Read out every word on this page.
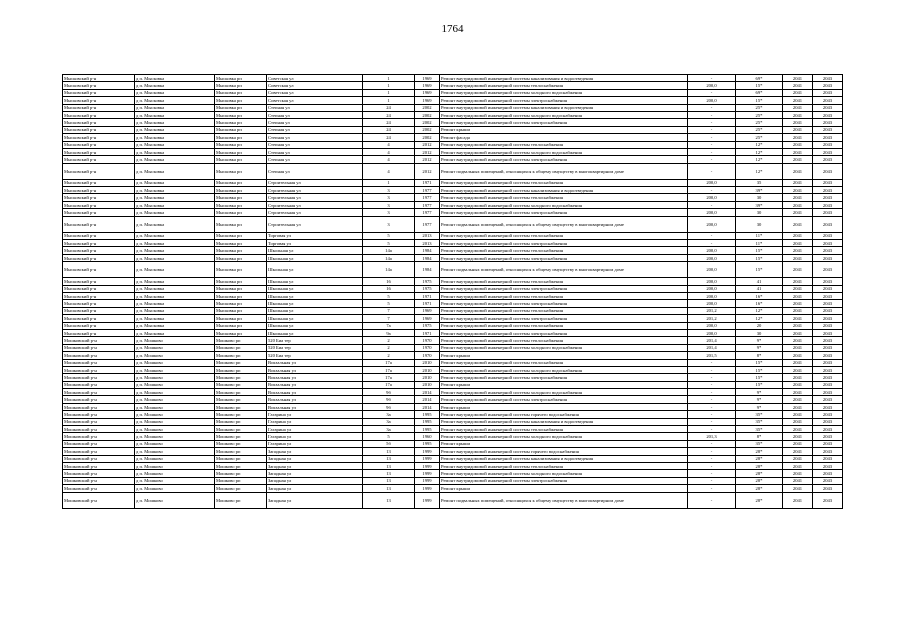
1764
Мысковский р-н	д п. Мысковка	Мысковка рп	Советская ул	1	1969	Ремонт внутридомовой инженерной системы канализования и водоотведения	-	69*	2041	2043
Мысковский р-н	д п. Мысковка	Мысковка рп	Советская ул	1	1969	Ремонт внутридомовой инженерной системы теплоснабжения	200,0	15*	2041	2043
Мысковский р-н	д п. Мысковка	Мысковка рп	Советская ул	1	1969	Ремонт внутридомовой инженерной системы холодного водоснабжения	-	69*	2041	2043
Мысковский р-н	д п. Мысковка	Мысковка рп	Советская ул	1	1969	Ремонт внутридомовой инженерной системы электроснабжения	200,0	15*	2041	2043
Мысковский р-н	д п. Мысковка	Мысковка рп	Степная ул	24	2002	Ремонт внутридомовой инженерной системы канализования и водоотведения	-	25*	2041	2043
Мысковский р-н	д п. Мысковка	Мысковка рп	Степная ул	24	2002	Ремонт внутридомовой инженерной системы холодного водоснабжения	-	25*	2041	2043
Мысковский р-н	д п. Мысковка	Мысковка рп	Степная ул	24	2002	Ремонт внутридомовой инженерной системы электроснабжения	-	25*	2041	2043
Мысковский р-н	д п. Мысковка	Мысковка рп	Степная ул	24	2002	Ремонт крыши	-	25*	2041	2043
Мысковский р-н	д п. Мысковка	Мысковка рп	Степная ул	24	2002	Ремонт фасада	-	25*	2041	2043
Мысковский р-н	д п. Мысковка	Мысковка рп	Степная ул	4	2012	Ремонт внутридомовой инженерной системы теплоснабжения	-	12*	2041	2043
Мысковский р-н	д п. Мысковка	Мысковка рп	Степная ул	4	2012	Ремонт внутридомовой инженерной системы холодного водоснабжения	-	12*	2041	2043
Мысковский р-н	д п. Мысковка	Мысковка рп	Степная ул	4	2012	Ремонт внутридомовой инженерной системы электроснабжения	-	12*	2041	2043
Мысковский р-н	д п. Мысковка	Мысковка рп	Степная ул	4	2012	Ремонт подвальных помещений, относящихся к общему имуществу в многоквартирном доме	-	12*	2041	2043
Мысковский р-н	д п. Мысковка	Мысковка рп	Строительная ул	1	1971	Ремонт внутридомовой инженерной системы теплоснабжения	200,0	35	2041	2043
Мысковский р-н	д п. Мысковка	Мысковка рп	Строительная ул	3	1977	Ремонт внутридомовой инженерной системы канализования и водоотведения	-	39*	2041	2043
Мысковский р-н	д п. Мысковка	Мысковка рп	Строительная ул	3	1977	Ремонт внутридомовой инженерной системы теплоснабжения	200,0	30	2041	2043
Мысковский р-н	д п. Мысковка	Мысковка рп	Строительная ул	3	1977	Ремонт внутридомовой инженерной системы холодного водоснабжения	-	39*	2041	2043
Мысковский р-н	д п. Мысковка	Мысковка рп	Строительная ул	3	1977	Ремонт внутридомовой инженерной системы электроснабжения	200,0	30	2041	2043
Мысковский р-н	д п. Мысковка	Мысковка рп	Строительная ул	3	1977	Ремонт подвальных помещений, относящихся к общему имуществу в многоквартирном доме	200,0	30	2041	2043
Мысковский р-н	д п. Мысковка	Мысковка рп	Торговая ул	5	2013	Ремонт внутридомовой инженерной системы теплоснабжения	-	11*	2041	2043
Мысковский р-н	д п. Мысковка	Мысковка рп	Торговая ул	5	2013	Ремонт внутридомовой инженерной системы электроснабжения	-	11*	2041	2043
Мысковский р-н	д п. Мысковка	Мысковка рп	Школьная ул	14а	1984	Ремонт внутридомовой инженерной системы теплоснабжения	200,0	15*	2041	2043
Мысковский р-н	д п. Мысковка	Мысковка рп	Школьная ул	14а	1984	Ремонт внутридомовой инженерной системы электроснабжения	200,0	15*	2041	2043
Мысковский р-н	д п. Мысковка	Мысковка рп	Школьная ул	14а	1984	Ремонт подвальных помещений, относящихся к общему имуществу в многоквартирном доме	200,0	15*	2041	2043
Мысковский р-н	д п. Мысковка	Мысковка рп	Школьная ул	16	1975	Ремонт внутридомовой инженерной системы теплоснабжения	200,0	41	2041	2043
Мысковский р-н	д п. Мысковка	Мысковка рп	Школьная ул	16	1975	Ремонт внутридомовой инженерной системы электроснабжения	200,0	41	2041	2043
Мысковский р-н	д п. Мысковка	Мысковка рп	Школьная ул	5	1971	Ремонт внутридомовой инженерной системы теплоснабжения	200,0	16*	2041	2043
Мысковский р-н	д п. Мысковка	Мысковка рп	Школьная ул	5	1971	Ремонт внутридомовой инженерной системы электроснабжения	200,0	16*	2041	2043
Мысковский р-н	д п. Мысковка	Мысковка рп	Школьная ул	7	1969	Ремонт внутридомовой инженерной системы теплоснабжения	201,2	12*	2041	2043
Мысковский р-н	д п. Мысковка	Мысковка рп	Школьная ул	7	1969	Ремонт внутридомовой инженерной системы электроснабжения	201,2	12*	2041	2043
Мысковский р-н	д п. Мысковка	Мысковка рп	Школьная ул	7а	1975	Ремонт внутридомовой инженерной системы теплоснабжения	200,0	20	2041	2043
Мысковский р-н	д п. Мысковка	Мысковка рп	Школьная ул	9а	1971	Ремонт внутридомовой инженерной системы электроснабжения	200,0	30	2041	2043
Мошковский р-н	д п. Мошково	Мошково рп	520 Биа тер	2	1970	Ремонт внутридомовой инженерной системы теплоснабжения	201,4	9*	2041	2043
Мошковский р-н	д п. Мошково	Мошково рп	520 Биа тер	2	1970	Ремонт внутридомовой инженерной системы холодного водоснабжения	201,4	9*	2041	2043
Мошковский р-н	д п. Мошково	Мошково рп	520 Биа тер	2	1970	Ремонт крыши	201,5	8*	2041	2043
Мошковский р-н	д п. Мошково	Мошково рп	Вокзальная ул	17а	2010	Ремонт внутридомовой инженерной системы теплоснабжения	-	15*	2041	2043
Мошковский р-н	д п. Мошково	Мошково рп	Вокзальная ул	17а	2010	Ремонт внутридомовой инженерной системы холодного водоснабжения	-	15*	2041	2043
Мошковский р-н	д п. Мошково	Мошково рп	Вокзальная ул	17а	2010	Ремонт внутридомовой инженерной системы электроснабжения	-	15*	2041	2043
Мошковский р-н	д п. Мошково	Мошково рп	Вокзальная ул	17а	2010	Ремонт крыши	-	15*	2041	2043
Мошковский р-н	д п. Мошково	Мошково рп	Вокзальная ул	9б	2014	Ремонт внутридомовой инженерной системы холодного водоснабжения	-	9*	2041	2043
Мошковский р-н	д п. Мошково	Мошково рп	Вокзальная ул	9б	2014	Ремонт внутридомовой инженерной системы электроснабжения	-	9*	2041	2043
Мошковский р-н	д п. Мошково	Мошково рп	Вокзальная ул	9б	2014	Ремонт крыши	-	9*	2041	2043
Мошковский р-н	д п. Мошково	Мошково рп	Гагарина ул	3а	1995	Ремонт внутридомовой инженерной системы горячего водоснабжения	-	35*	2041	2043
Мошковский р-н	д п. Мошково	Мошково рп	Гагарина ул	3а	1995	Ремонт внутридомовой инженерной системы канализования и водоотведения	-	35*	2041	2043
Мошковский р-н	д п. Мошково	Мошково рп	Гагарина ул	3а	1995	Ремонт внутридомовой инженерной системы теплоснабжения	-	35*	2041	2043
Мошковский р-н	д п. Мошково	Мошково рп	Гагарина ул	5	1960	Ремонт внутридомовой инженерной системы холодного водоснабжения	201,3	8*	2041	2043
Мошковский р-н	д п. Мошково	Мошково рп	Гагарина ул	5б	1995	Ремонт крыши	-	35*	2041	2043
Мошковский р-н	д п. Мошково	Мошково рп	Западная ул	13	1999	Ремонт внутридомовой инженерной системы горячего водоснабжения	-	28*	2041	2043
Мошковский р-н	д п. Мошково	Мошково рп	Западная ул	13	1999	Ремонт внутридомовой инженерной системы канализования и водоотведения	-	28*	2041	2043
Мошковский р-н	д п. Мошково	Мошково рп	Западная ул	13	1999	Ремонт внутридомовой инженерной системы теплоснабжения	-	28*	2041	2043
Мошковский р-н	д п. Мошково	Мошково рп	Западная ул	13	1999	Ремонт внутридомовой инженерной системы холодного водоснабжения	-	28*	2041	2043
Мошковский р-н	д п. Мошково	Мошково рп	Западная ул	13	1999	Ремонт внутридомовой инженерной системы электроснабжения	-	28*	2041	2043
Мошковский р-н	д п. Мошково	Мошково рп	Западная ул	13	1999	Ремонт крыши	-	28*	2041	2043
Мошковский р-н	д п. Мошково	Мошково рп	Западная ул	13	1999	Ремонт подвальных помещений, относящихся к общему имуществу в многоквартирном доме	-	28*	2041	2043
